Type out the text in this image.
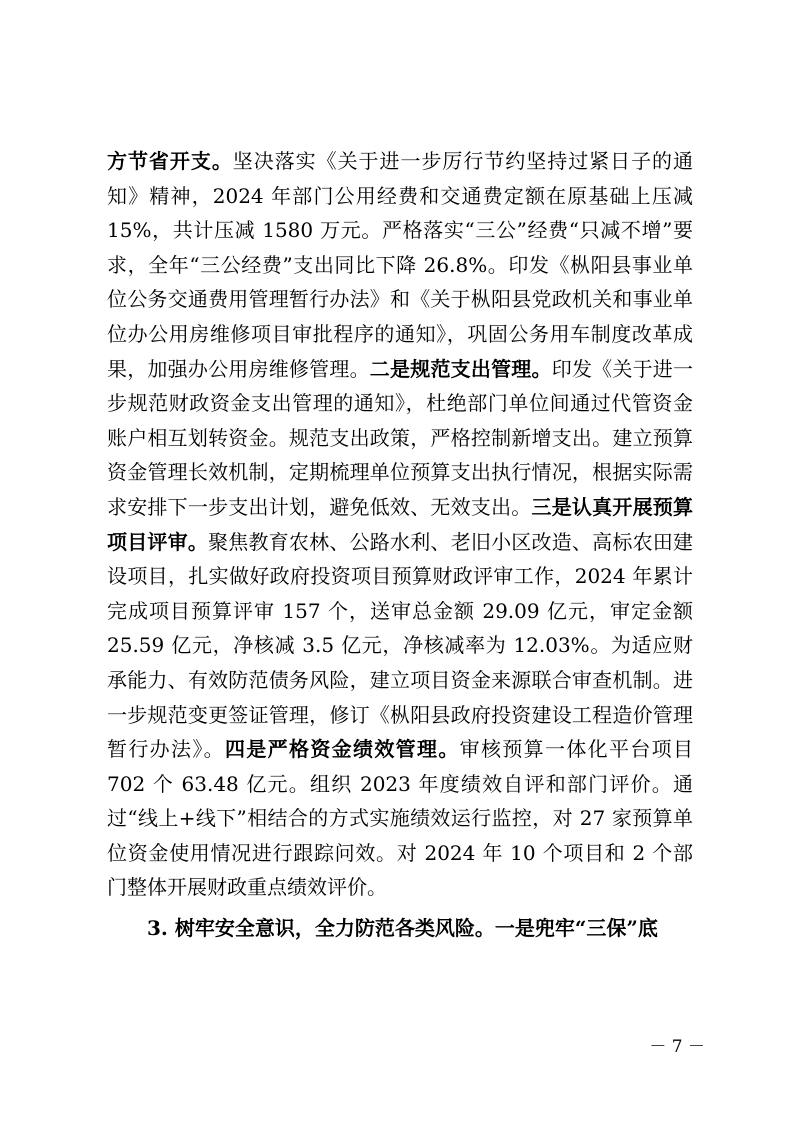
方节省开支。坚决落实《关于进一步厉行节约坚持过紧日子的通知》精神，2024 年部门公用经费和交通费定额在原基础上压减 15%，共计压减 1580 万元。严格落实“三公”经费“只减不增”要求，全年“三公经费”支出同比下降 26.8%。印发《枞阳县事业单位公务交通费用管理暂行办法》和《关于枞阳县党政机关和事业单位办公用房维修项目审批程序的通知》，巩固公务用车制度改革成果，加强办公用房维修管理。二是规范支出管理。印发《关于进一步规范财政资金支出管理的通知》，杜绝部门单位间通过代管资金账户相互划转资金。规范支出政策，严格控制新增支出。建立预算资金管理长效机制，定期梳理单位预算支出执行情况，根据实际需求安排下一步支出计划，避免低效、无效支出。三是认真开展预算项目评审。聚焦教育农林、公路水利、老旧小区改造、高标农田建设项目，扎实做好政府投资项目预算财政评审工作，2024 年累计完成项目预算评审 157 个，送审总金额 29.09 亿元，审定金额 25.59 亿元，净核减 3.5 亿元，净核减率为 12.03%。为适应财承能力、有效防范债务风险，建立项目资金来源联合审查机制。进一步规范变更签证管理，修订《枞阳县政府投资建设工程造价管理暂行办法》。四是严格资金绩效管理。审核预算一体化平台项目 702 个 63.48 亿元。组织 2023 年度绩效自评和部门评价。通过“线上+线下”相结合的方式实施绩效运行监控，对 27 家预算单位资金使用情况进行跟踪问效。对 2024 年 10 个项目和 2 个部门整体开展财政重点绩效评价。

3. 树牢安全意识，全力防范各类风险。一是兜牢“三保”底

－ 7 －
